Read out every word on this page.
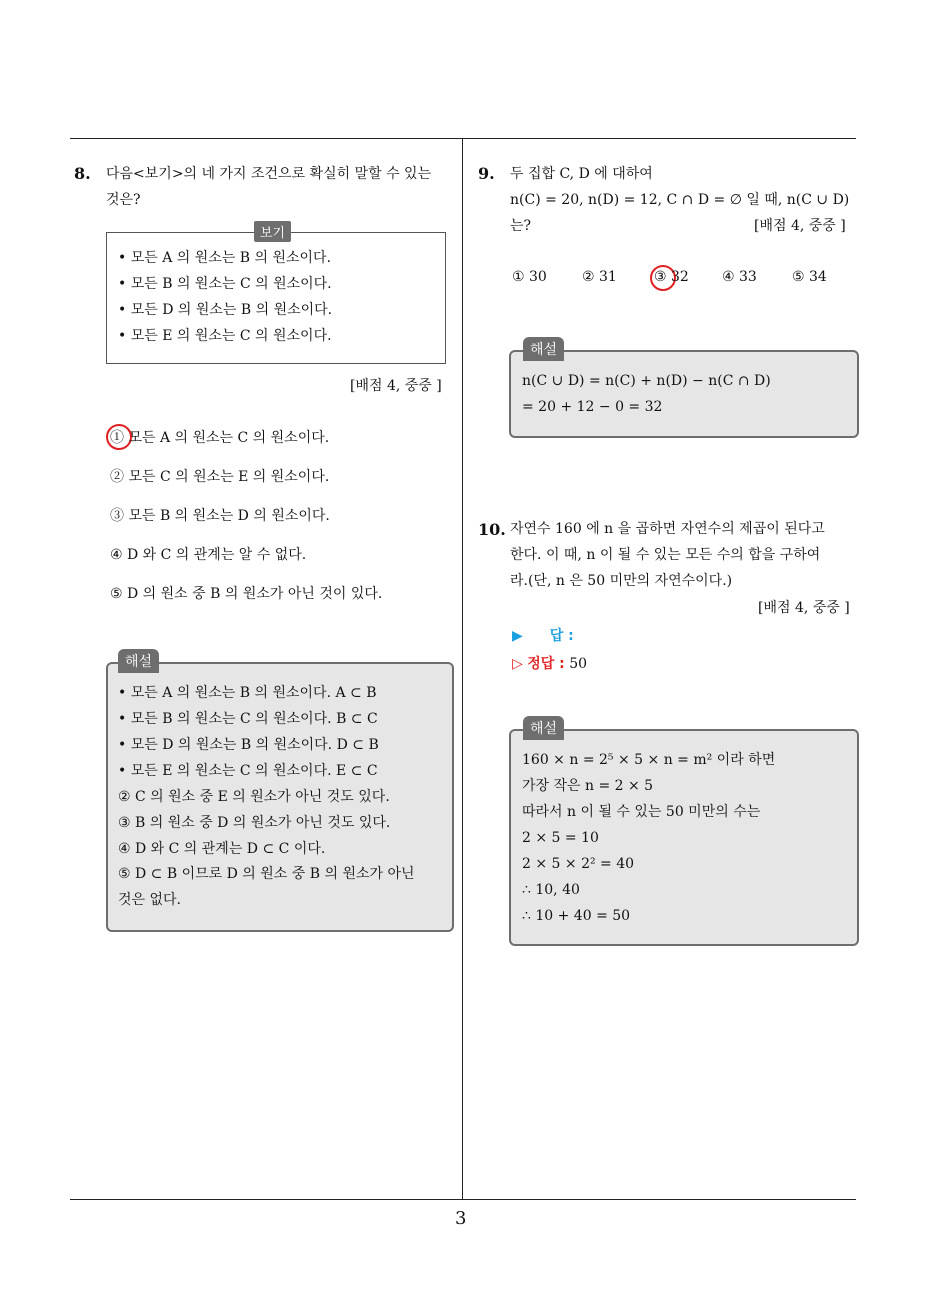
3
8. 다음<보기>의 네 가지 조건으로 확실히 말할 수 있는
것은?
보기
• 모든 A 의 원소는 B 의 원소이다.
• 모든 B 의 원소는 C 의 원소이다.
• 모든 D 의 원소는 B 의 원소이다.
• 모든 E 의 원소는 C 의 원소이다.
[배점 4, 중중 ]
① 모든 A 의 원소는 C 의 원소이다.
② 모든 C 의 원소는 E 의 원소이다.
③ 모든 B 의 원소는 D 의 원소이다.
④ D 와 C 의 관계는 알 수 없다.
⑤ D 의 원소 중 B 의 원소가 아닌 것이 있다.
해설
• 모든 A 의 원소는 B 의 원소이다. A ⊂ B
• 모든 B 의 원소는 C 의 원소이다. B ⊂ C
• 모든 D 의 원소는 B 의 원소이다. D ⊂ B
• 모든 E 의 원소는 C 의 원소이다. E ⊂ C
② C 의 원소 중 E 의 원소가 아닌 것도 있다.
③ B 의 원소 중 D 의 원소가 아닌 것도 있다.
④ D 와 C 의 관계는 D ⊂ C 이다.
⑤ D ⊂ B 이므로 D 의 원소 중 B 의 원소가 아닌
것은 없다.
9. 두 집합 C, D 에 대하여
n(C) = 20, n(D) = 12, C ∩ D = ∅ 일 때, n(C ∪ D)
는?	[배점 4, 중중 ]
① 30	② 31	③ 32 ④ 33	⑤ 34
해설
n(C ∪ D) = n(C) + n(D) − n(C ∩ D)
= 20 + 12 − 0 = 32
10. 자연수 160 에 n 을 곱하면 자연수의 제곱이 된다고
한다. 이 때, n 이 될 수 있는 모든 수의 합을 구하여
라.(단, n 은 50 미만의 자연수이다.)
[배점 4, 중중 ]
▶ 답 :
▷ 정답 : 50
해설
160 × n = 2⁵ × 5 × n = m² 이라 하면
가장 작은 n = 2 × 5
따라서 n 이 될 수 있는 50 미만의 수는
2 × 5 = 10
2 × 5 × 2² = 40
∴ 10, 40
∴ 10 + 40 = 50
